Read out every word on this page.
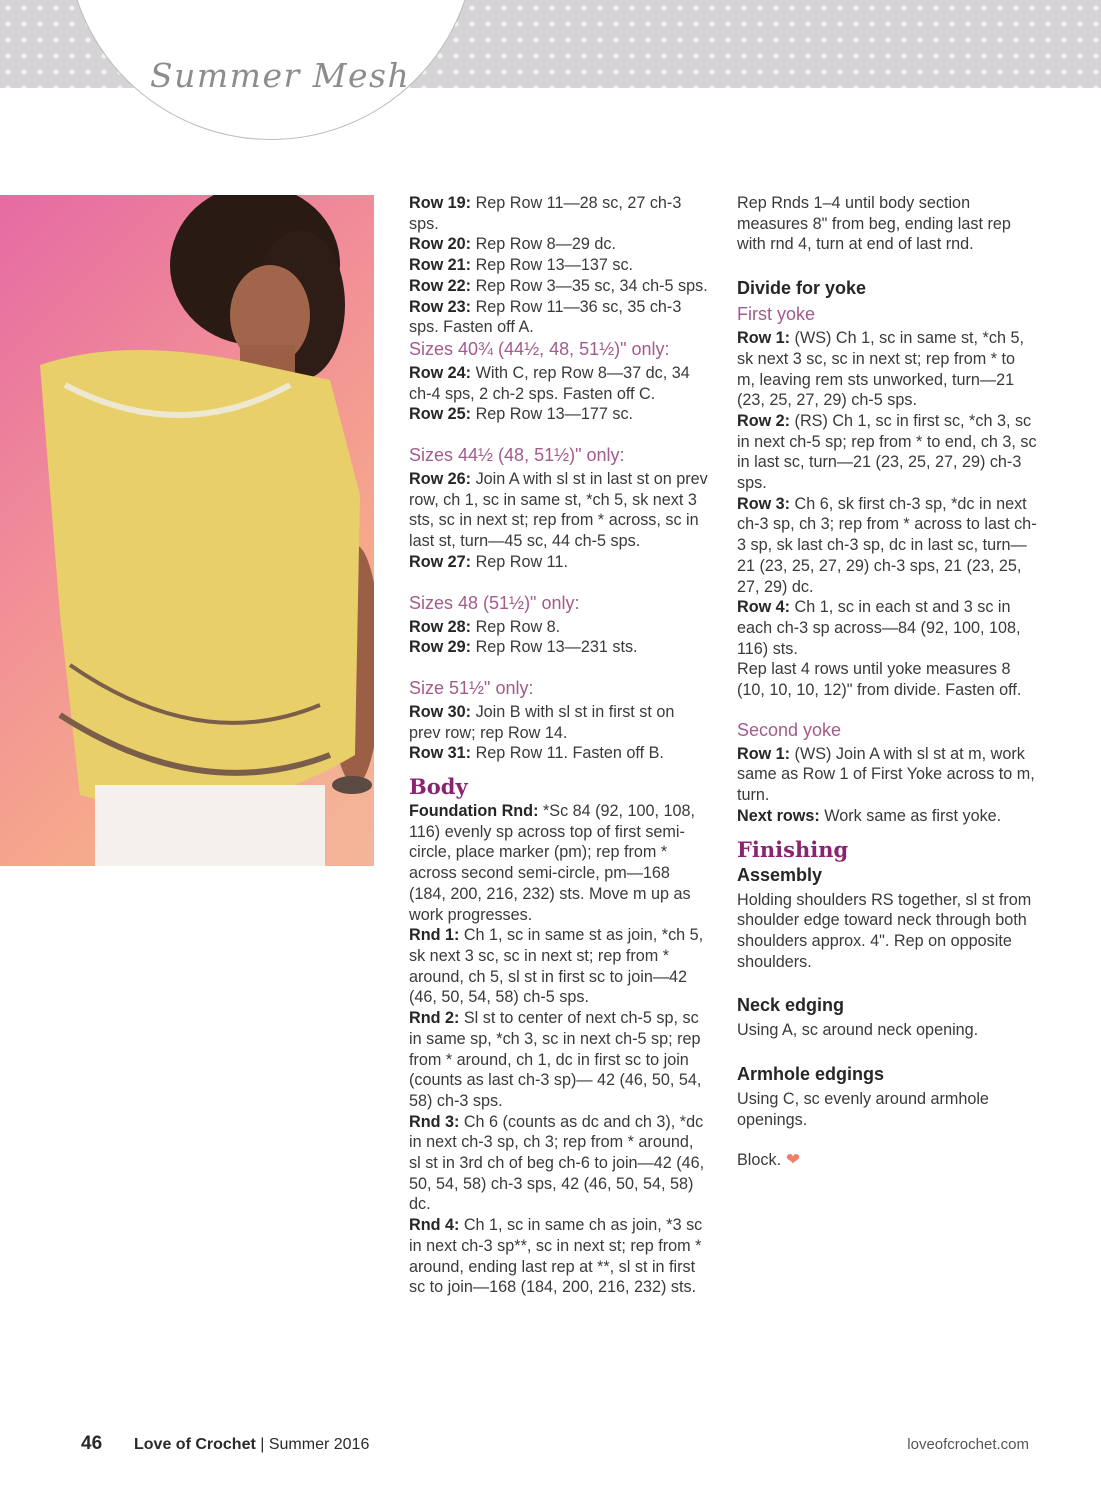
Summer Mesh

Row 19: Rep Row 11—28 sc, 27 ch-3 sps.

Row 20: Rep Row 8—29 dc.

Row 21: Rep Row 13—137 sc.

Row 22: Rep Row 3—35 sc, 34 ch-5 sps.

Row 23: Rep Row 11—36 sc, 35 ch-3 sps. Fasten off A.

Sizes 40¾ (44½, 48, 51½)" only:

Row 24: With C, rep Row 8—37 dc, 34 ch-4 sps, 2 ch-2 sps. Fasten off C.

Row 25: Rep Row 13—177 sc.

Sizes 44½ (48, 51½)" only:

Row 26: Join A with sl st in last st on prev row, ch 1, sc in same st, *ch 5, sk next 3 sts, sc in next st; rep from * across, sc in last st, turn—45 sc, 44 ch-5 sps.

Row 27: Rep Row 11.

Sizes 48 (51½)" only:

Row 28: Rep Row 8.

Row 29: Rep Row 13—231 sts.

Size 51½" only:

Row 30: Join B with sl st in first st on prev row; rep Row 14.

Row 31: Rep Row 11. Fasten off B.

Body

Foundation Rnd: *Sc 84 (92, 100, 108, 116) evenly sp across top of first semi-circle, place marker (pm); rep from * across second semi-circle, pm—168 (184, 200, 216, 232) sts. Move m up as work progresses.

Rnd 1: Ch 1, sc in same st as join, *ch 5, sk next 3 sc, sc in next st; rep from * around, ch 5, sl st in first sc to join—42 (46, 50, 54, 58) ch-5 sps.

Rnd 2: Sl st to center of next ch-5 sp, sc in same sp, *ch 3, sc in next ch-5 sp; rep from * around, ch 1, dc in first sc to join (counts as last ch-3 sp)— 42 (46, 50, 54, 58) ch-3 sps.

Rnd 3: Ch 6 (counts as dc and ch 3), *dc in next ch-3 sp, ch 3; rep from * around, sl st in 3rd ch of beg ch-6 to join—42 (46, 50, 54, 58) ch-3 sps, 42 (46, 50, 54, 58) dc.

Rnd 4: Ch 1, sc in same ch as join, *3 sc in next ch-3 sp**, sc in next st; rep from * around, ending last rep at **, sl st in first sc to join—168 (184, 200, 216, 232) sts.

Rep Rnds 1–4 until body section measures 8" from beg, ending last rep with rnd 4, turn at end of last rnd.

Divide for yoke
First yoke

Row 1: (WS) Ch 1, sc in same st, *ch 5, sk next 3 sc, sc in next st; rep from * to m, leaving rem sts unworked, turn—21 (23, 25, 27, 29) ch-5 sps.

Row 2: (RS) Ch 1, sc in first sc, *ch 3, sc in next ch-5 sp; rep from * to end, ch 3, sc in last sc, turn—21 (23, 25, 27, 29) ch-3 sps.

Row 3: Ch 6, sk first ch-3 sp, *dc in next ch-3 sp, ch 3; rep from * across to last ch-3 sp, sk last ch-3 sp, dc in last sc, turn—21 (23, 25, 27, 29) ch-3 sps, 21 (23, 25, 27, 29) dc.

Row 4: Ch 1, sc in each st and 3 sc in each ch-3 sp across—84 (92, 100, 108, 116) sts.

Rep last 4 rows until yoke measures 8 (10, 10, 10, 12)" from divide. Fasten off.

Second yoke

Row 1: (WS) Join A with sl st at m, work same as Row 1 of First Yoke across to m, turn.

Next rows: Work same as first yoke.

Finishing
Assembly

Holding shoulders RS together, sl st from shoulder edge toward neck through both shoulders approx. 4". Rep on opposite shoulders.

Neck edging

Using A, sc around neck opening.

Armhole edgings

Using C, sc evenly around armhole openings.

Block. ❤

46 Love of Crochet | Summer 2016	loveofcrochet.com
